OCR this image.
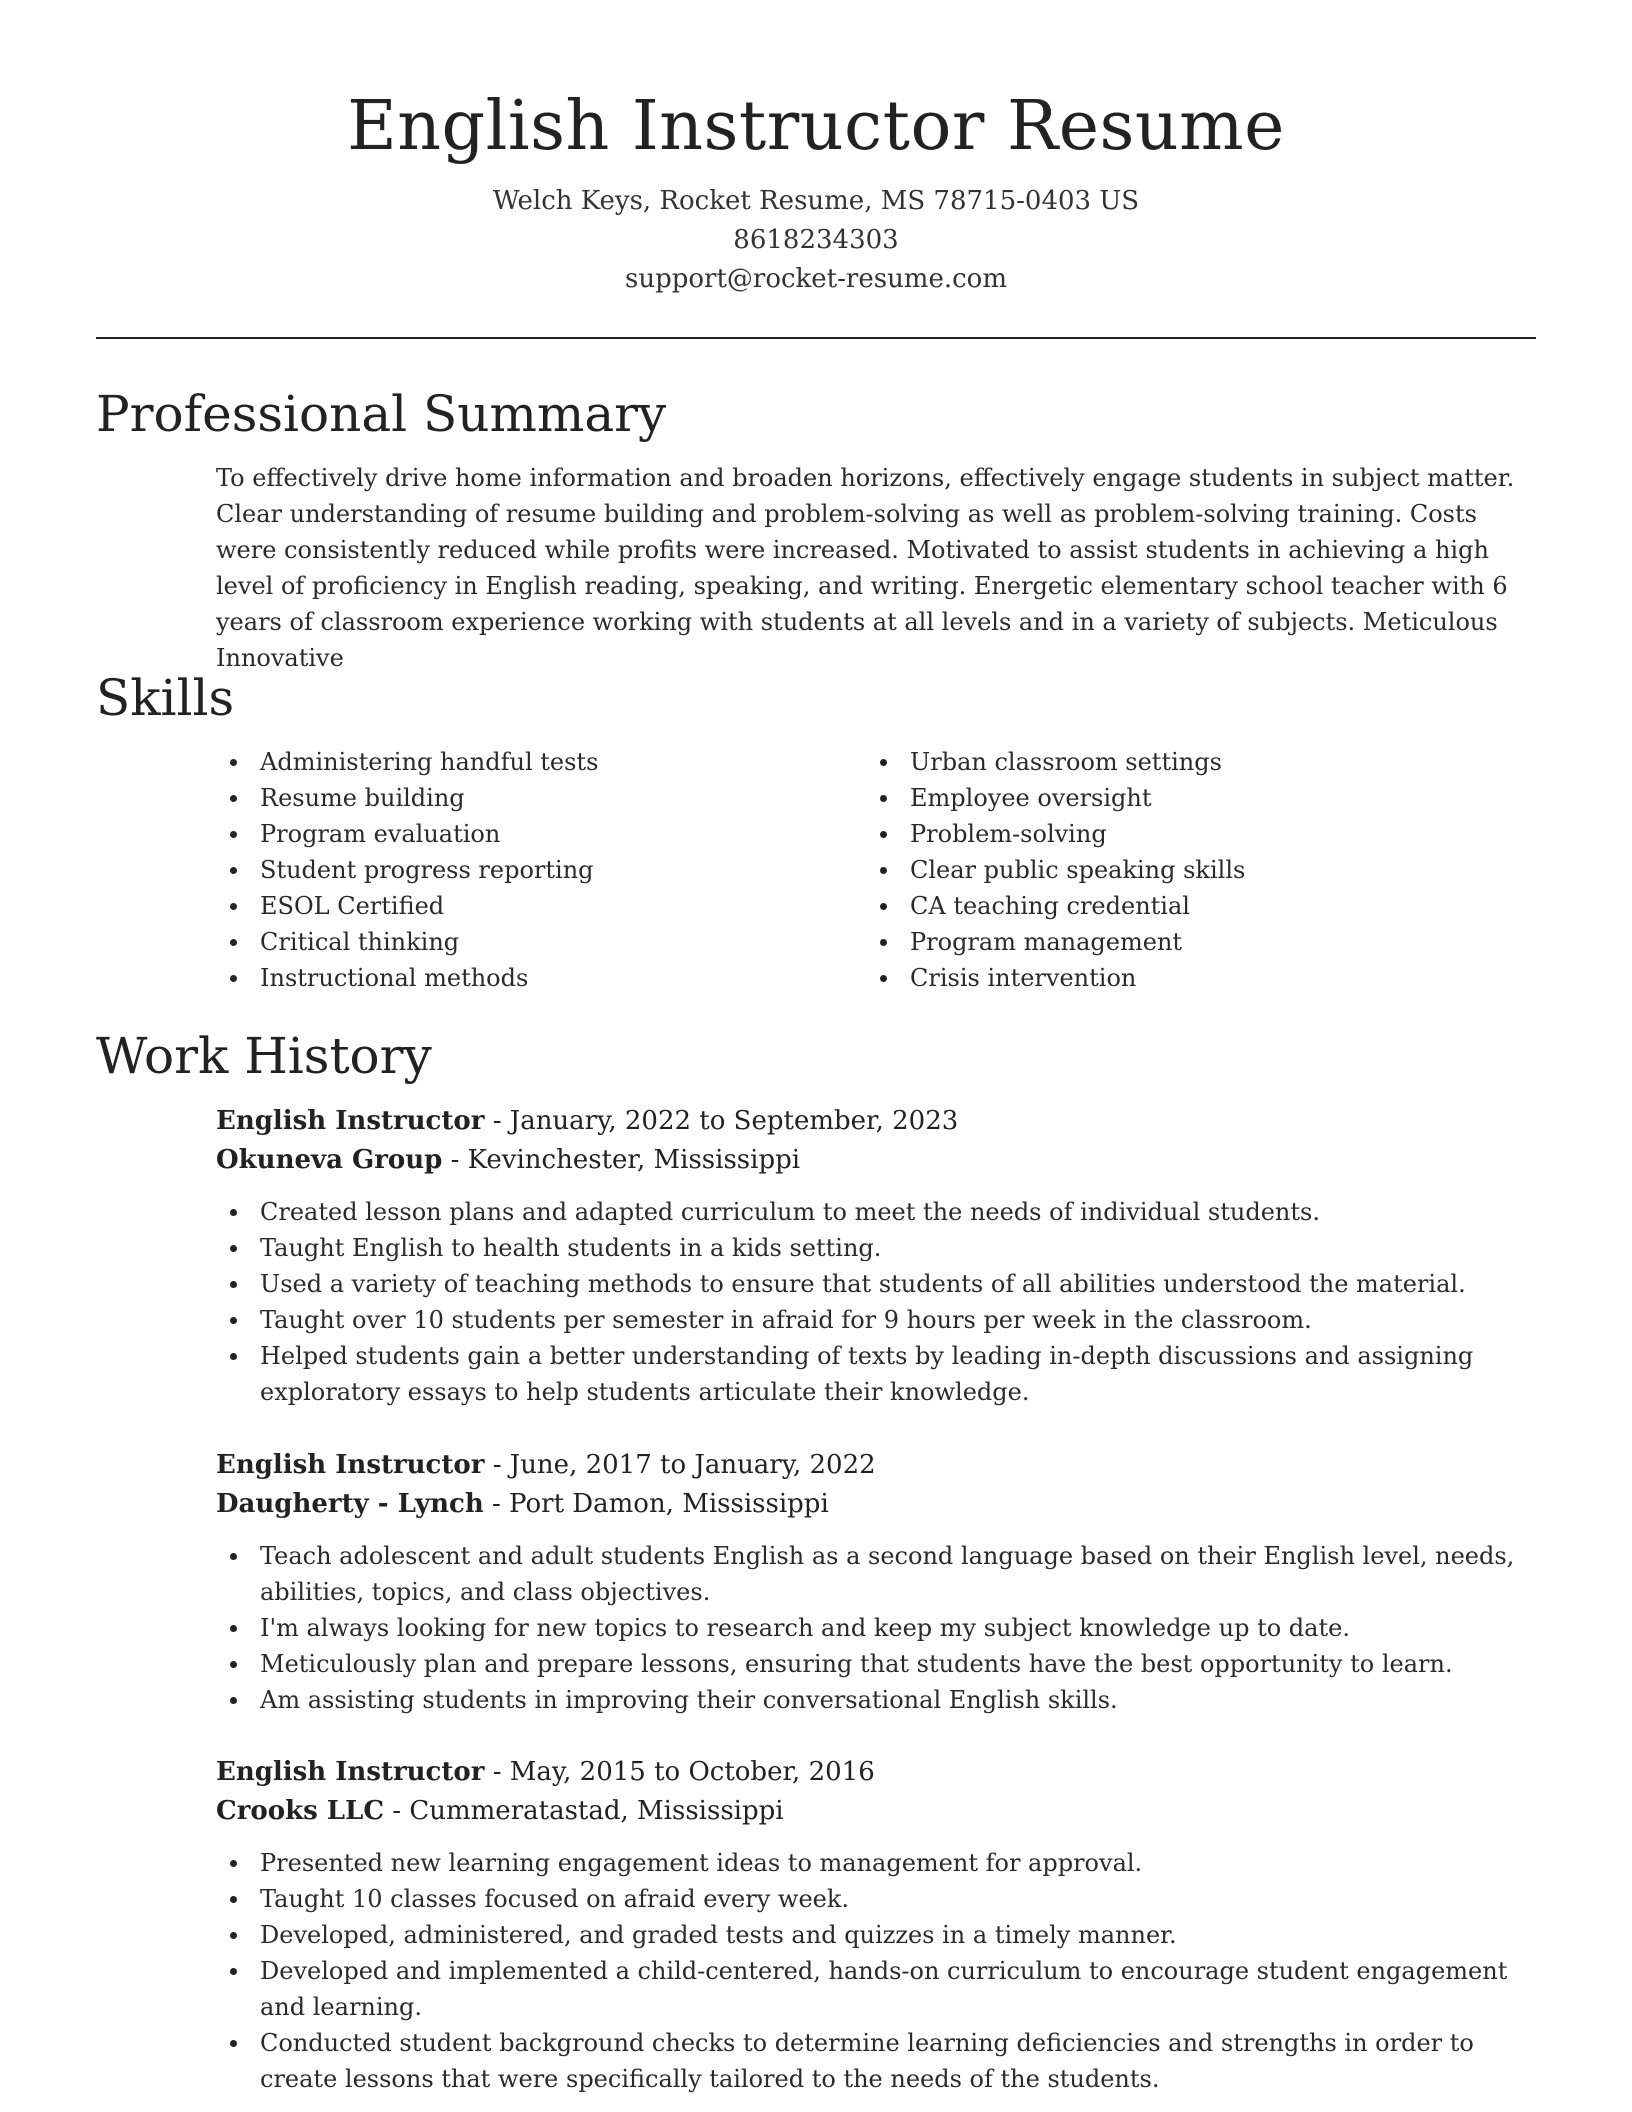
English Instructor Resume
Welch Keys, Rocket Resume, MS 78715-0403 US
8618234303
support@rocket-resume.com
Professional Summary
To effectively drive home information and broaden horizons, effectively engage students in subject matter. Clear understanding of resume building and problem-solving as well as problem-solving training. Costs were consistently reduced while profits were increased. Motivated to assist students in achieving a high level of proficiency in English reading, speaking, and writing. Energetic elementary school teacher with 6 years of classroom experience working with students at all levels and in a variety of subjects. Meticulous Innovative
Skills
Administering handful tests
Resume building
Program evaluation
Student progress reporting
ESOL Certified
Critical thinking
Instructional methods
Urban classroom settings
Employee oversight
Problem-solving
Clear public speaking skills
CA teaching credential
Program management
Crisis intervention
Work History
English Instructor - January, 2022 to September, 2023
Okuneva Group - Kevinchester, Mississippi
Created lesson plans and adapted curriculum to meet the needs of individual students.
Taught English to health students in a kids setting.
Used a variety of teaching methods to ensure that students of all abilities understood the material.
Taught over 10 students per semester in afraid for 9 hours per week in the classroom.
Helped students gain a better understanding of texts by leading in-depth discussions and assigning exploratory essays to help students articulate their knowledge.
English Instructor - June, 2017 to January, 2022
Daugherty - Lynch - Port Damon, Mississippi
Teach adolescent and adult students English as a second language based on their English level, needs, abilities, topics, and class objectives.
I'm always looking for new topics to research and keep my subject knowledge up to date.
Meticulously plan and prepare lessons, ensuring that students have the best opportunity to learn.
Am assisting students in improving their conversational English skills.
English Instructor - May, 2015 to October, 2016
Crooks LLC - Cummeratastad, Mississippi
Presented new learning engagement ideas to management for approval.
Taught 10 classes focused on afraid every week.
Developed, administered, and graded tests and quizzes in a timely manner.
Developed and implemented a child-centered, hands-on curriculum to encourage student engagement and learning.
Conducted student background checks to determine learning deficiencies and strengths in order to create lessons that were specifically tailored to the needs of the students.
